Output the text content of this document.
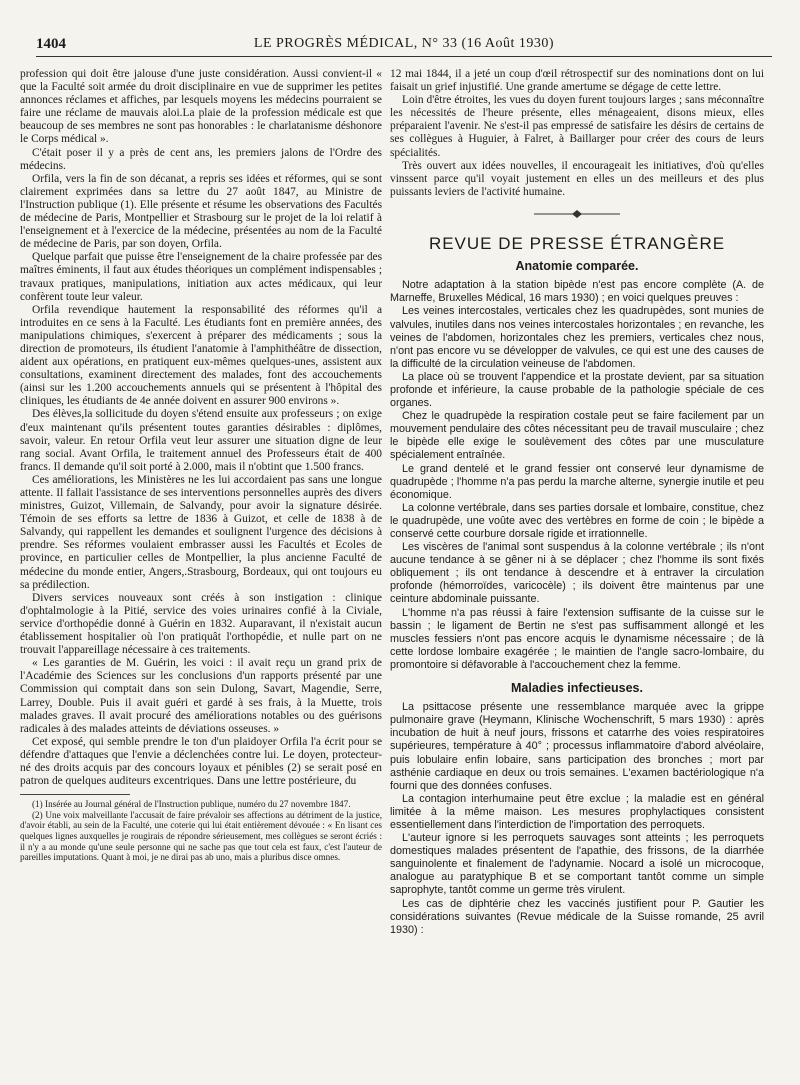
1404	LE PROGRÈS MÉDICAL, N° 33 (16 Août 1930)

profession qui doit être jalouse d'une juste considération. Aussi convient-il « que la Faculté soit armée du droit disciplinaire en vue de supprimer les petites annonces réclames et affiches, par lesquels moyens les médecins pourraient se faire une réclame de mauvais aloi.La plaie de la profession médicale est que beaucoup de ses membres ne sont pas honorables : le charlatanisme déshonore le Corps médical ».

C'était poser il y a près de cent ans, les premiers jalons de l'Ordre des médecins.

Orfila, vers la fin de son décanat, a repris ses idées et réformes, qui se sont clairement exprimées dans sa lettre du 27 août 1847, au Ministre de l'Instruction publique (1). Elle présente et résume les observations des Facultés de médecine de Paris, Montpellier et Strasbourg sur le projet de la loi relatif à l'enseignement et à l'exercice de la médecine, présentées au nom de la Faculté de médecine de Paris, par son doyen, Orfila.

Quelque parfait que puisse être l'enseignement de la chaire professée par des maîtres éminents, il faut aux études théoriques un complément indispensables ; travaux pratiques, manipulations, initiation aux actes médicaux, qui leur confèrent toute leur valeur.

Orfila revendique hautement la responsabilité des réformes qu'il a introduites en ce sens à la Faculté. Les étudiants font en première années, des manipulations chimiques, s'exercent à préparer des médicaments ; sous la direction de promoteurs, ils étudient l'anatomie à l'amphithéâtre de dissection, aident aux opérations, en pratiquent eux-mêmes quelques-unes, assistent aux consultations, examinent directement des malades, font des accouchements (ainsi sur les 1.200 accouchements annuels qui se présentent à l'hôpital des cliniques, les étudiants de 4e année doivent en assurer 900 environs ».

Des élèves,la sollicitude du doyen s'étend ensuite aux professeurs ; on exige d'eux maintenant qu'ils présentent toutes garanties désirables : diplômes, savoir, valeur. En retour Orfila veut leur assurer une situation digne de leur rang social. Avant Orfila, le traitement annuel des Professeurs était de 400 francs. Il demande qu'il soit porté à 2.000, mais il n'obtint que 1.500 francs.

Ces améliorations, les Ministères ne les lui accordaient pas sans une longue attente. Il fallait l'assistance de ses interventions personnelles auprès des divers ministres, Guizot, Villemain, de Salvandy, pour avoir la signature désirée. Témoin de ses efforts sa lettre de 1836 à Guizot, et celle de 1838 à de Salvandy, qui rappellent les demandes et soulignent l'urgence des décisions à prendre. Ses réformes voulaient embrasser aussi les Facultés et Ecoles de province, en particulier celles de Montpellier, la plus ancienne Faculté de médecine du monde entier, Angers,.Strasbourg, Bordeaux, qui ont toujours eu sa prédilection.

Divers services nouveaux sont créés à son instigation : clinique d'ophtalmologie à la Pitié, service des voies urinaires confié à la Civiale, service d'orthopédie donné à Guérin en 1832. Auparavant, il n'existait aucun établissement hospitalier où l'on pratiquât l'orthopédie, et nulle part on ne trouvait l'appareillage nécessaire à ces traitements.

« Les garanties de M. Guérin, les voici : il avait reçu un grand prix de l'Académie des Sciences sur les conclusions d'un rapports présenté par une Commission qui comptait dans son sein Dulong, Savart, Magendie, Serre, Larrey, Double. Puis il avait guéri et gardé à ses frais, à la Muette, trois malades graves. Il avait procuré des améliorations notables ou des guérisons radicales à des malades atteints de déviations osseuses. »

Cet exposé, qui semble prendre le ton d'un plaidoyer Orfila l'a écrit pour se défendre d'attaques que l'envie a déclenchées contre lui. Le doyen, protecteur-né des droits acquis par des concours loyaux et pénibles (2) se serait posé en patron de quelques auditeurs excentriques. Dans une lettre postérieure, du

(1) Insérée au Journal général de l'Instruction publique, numéro du 27 novembre 1847.

(2) Une voix malveillante l'accusait de faire prévaloir ses affections au détriment de la justice, d'avoir établi, au sein de la Faculté, une coterie qui lui était entièrement dévouée : « En lisant ces quelques lignes auxquelles je rougirais de répondre sérieusement, mes collègues se seront écriés : il n'y a au monde qu'une seule personne qui ne sache pas que tout cela est faux, c'est l'auteur de pareilles imputations. Quant à moi, je ne dirai pas ab uno, mais a pluribus disce omnes.

12 mai 1844, il a jeté un coup d'œil rétrospectif sur des nominations dont on lui faisait un grief injustifié. Une grande amertume se dégage de cette lettre.

Loin d'être étroites, les vues du doyen furent toujours larges ; sans méconnaître les nécessités de l'heure présente, elles ménageaient, disons mieux, elles préparaient l'avenir. Ne s'est-il pas empressé de satisfaire les désirs de certains de ses collègues à Huguier, à Falret, à Baillarger pour créer des cours de leurs spécialités.

Très ouvert aux idées nouvelles, il encourageait les initiatives, d'où qu'elles vinssent parce qu'il voyait justement en elles un des meilleurs et des plus puissants leviers de l'activité humaine.

REVUE DE PRESSE ÉTRANGÈRE
Anatomie comparée.

Notre adaptation à la station bipède n'est pas encore complète (A. de Marneffe, Bruxelles Médical, 16 mars 1930) ; en voici quelques preuves :

Les veines intercostales, verticales chez les quadrupèdes, sont munies de valvules, inutiles dans nos veines intercostales horizontales ; en revanche, les veines de l'abdomen, horizontales chez les premiers, verticales chez nous, n'ont pas encore vu se développer de valvules, ce qui est une des causes de la difficulté de la circulation veineuse de l'abdomen.

La place où se trouvent l'appendice et la prostate devient, par sa situation profonde et inférieure, la cause probable de la pathologie spéciale de ces organes.

Chez le quadrupède la respiration costale peut se faire facilement par un mouvement pendulaire des côtes nécessitant peu de travail musculaire ; chez le bipède elle exige le soulèvement des côtes par une musculature spécialement entraînée.

Le grand dentelé et le grand fessier ont conservé leur dynamisme de quadrupède ; l'homme n'a pas perdu la marche alterne, synergie inutile et peu économique.

La colonne vertébrale, dans ses parties dorsale et lombaire, constitue, chez le quadrupède, une voûte avec des vertèbres en forme de coin ; le bipède a conservé cette courbure dorsale rigide et irrationnelle.

Les viscères de l'animal sont suspendus à la colonne vertébrale ; ils n'ont aucune tendance à se gêner ni à se déplacer ; chez l'homme ils sont fixés obliquement ; ils ont tendance à descendre et à entraver la circulation profonde (hémorroïdes, varicocèle) ; ils doivent être maintenus par une ceinture abdominale puissante.

L'homme n'a pas réussi à faire l'extension suffisante de la cuisse sur le bassin ; le ligament de Bertin ne s'est pas suffisamment allongé et les muscles fessiers n'ont pas encore acquis le dynamisme nécessaire ; de là cette lordose lombaire exagérée ; le maintien de l'angle sacro-lombaire, du promontoire si défavorable à l'accouchement chez la femme.

Maladies infectieuses.

La psittacose présente une ressemblance marquée avec la grippe pulmonaire grave (Heymann, Klinische Wochenschrift, 5 mars 1930) : après incubation de huit à neuf jours, frissons et catarrhe des voies respiratoires supérieures, température à 40° ; processus inflammatoire d'abord alvéolaire, puis lobulaire enfin lobaire, sans participation des bronches ; mort par asthénie cardiaque en deux ou trois semaines. L'examen bactériologique n'a fourni que des données confuses.

La contagion interhumaine peut être exclue ; la maladie est en général limitée à la même maison. Les mesures prophylactiques consistent essentiellement dans l'interdiction de l'importation des perroquets.

L'auteur ignore si les perroquets sauvages sont atteints ; les perroquets domestiques malades présentent de l'apathie, des frissons, de la diarrhée sanguinolente et finalement de l'adynamie. Nocard a isolé un microcoque, analogue au paratyphique B et se comportant tantôt comme un simple saprophyte, tantôt comme un germe très virulent.

Les cas de diphtérie chez les vaccinés justifient pour P. Gautier les considérations suivantes (Revue médicale de la Suisse romande, 25 avril 1930) :
